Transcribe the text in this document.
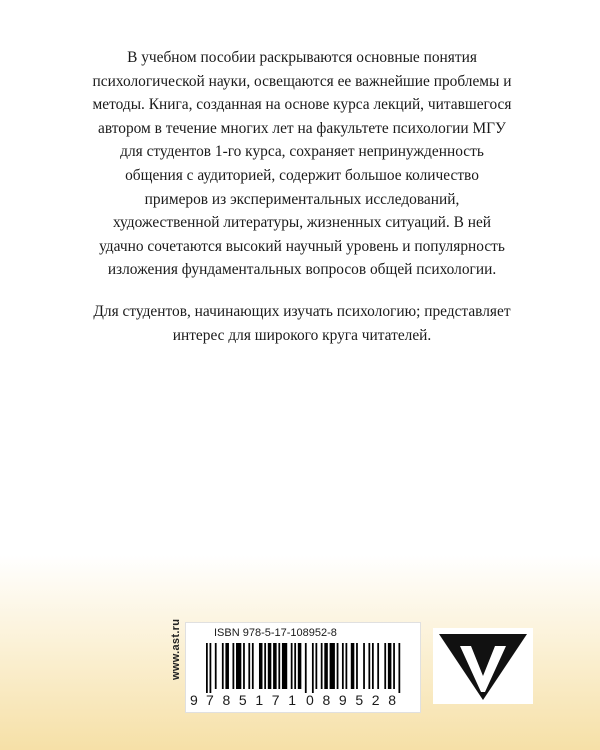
В учебном пособии раскрываются основные понятия психологической науки, освещаются ее важнейшие проблемы и методы. Книга, созданная на основе курса лекций, читавшегося автором в течение многих лет на факультете психологии МГУ для студентов 1-го курса, сохраняет непринужденность общения с аудиторией, содержит большое количество примеров из экспериментальных исследований, художественной литературы, жизненных ситуаций. В ней удачно сочетаются высокий научный уровень и популярность изложения фундаментальных вопросов общей психологии.

Для студентов, начинающих изучать психологию; представляет интерес для широкого круга читателей.

www.ast.ru	ISBN 978-5-17-108952-8
9 7 8 5 1 7 1 0 8 9 5 2 8
